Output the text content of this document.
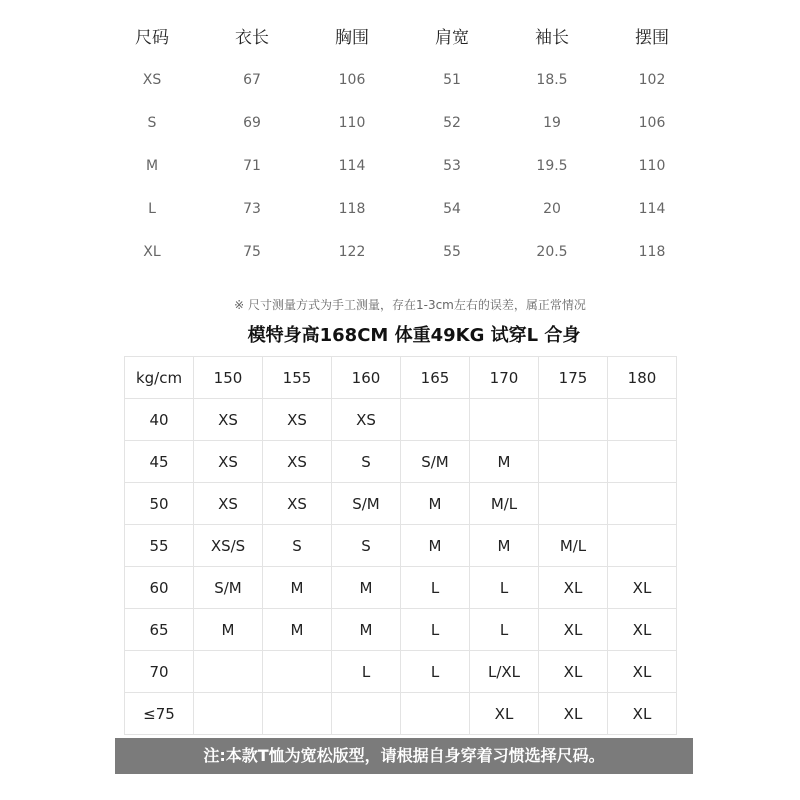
尺码	衣长	胸围	肩宽	袖长	摆围
XS	67	106	51	18.5	102
S	69	110	52	19	106
M	71	114	53	19.5	110
L	73	118	54	20	114
XL	75	122	55	20.5	118
※ 尺寸测量方式为手工测量，存在1-3cm左右的误差，属正常情况
模特身高168CM 体重49KG 试穿L 合身
kg/cm	150	155	160	165	170	175	180
40	XS	XS	XS				
45	XS	XS	S	S/M	M		
50	XS	XS	S/M	M	M/L		
55	XS/S	S	S	M	M	M/L	
60	S/M	M	M	L	L	XL	XL
65	M	M	M	L	L	XL	XL
70			L	L	L/XL	XL	XL
≤75					XL	XL	XL
注:本款T恤为宽松版型，请根据自身穿着习惯选择尺码。
